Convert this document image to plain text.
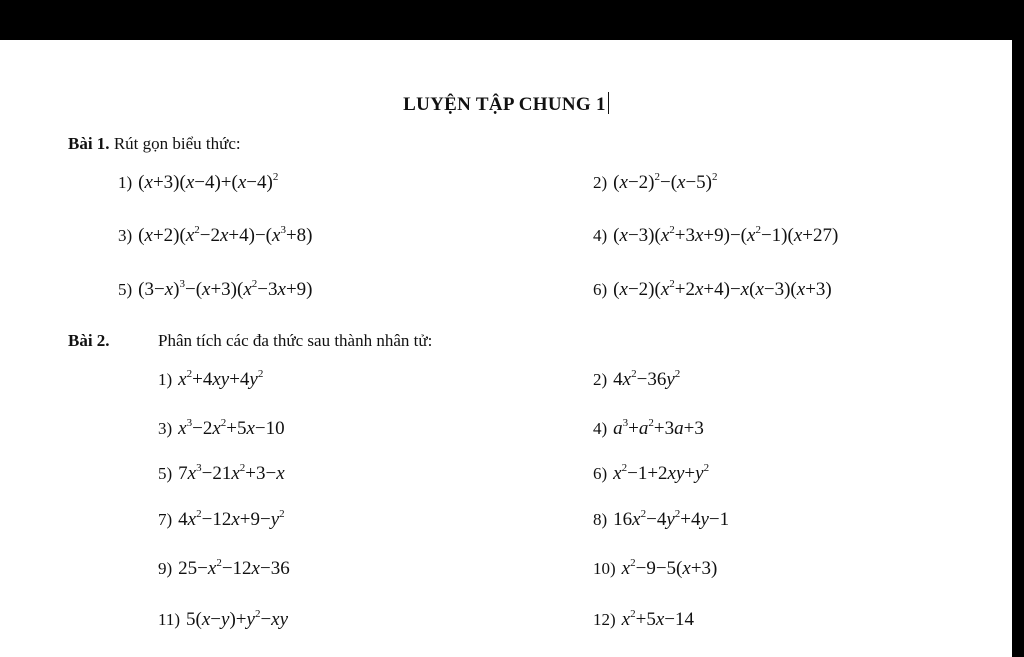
LUYỆN TẬP CHUNG 1
Bài 1. Rút gọn biểu thức:
1) $(x+3)(x-4)+(x-4)^2$	2) $(x-2)^2-(x-5)^2$
3) $(x+2)(x^2-2x+4)-(x^3+8)$	4) $(x-3)(x^2+3x+9)-(x^2-1)(x+27)$
5) $(3-x)^3-(x+3)(x^2-3x+9)$	6) $(x-2)(x^2+2x+4)-x(x-3)(x+3)$
Bài 2.	Phân tích các đa thức sau thành nhân tử:
1) $x^2+4xy+4y^2$	2) $4x^2-36y^2$
3) $x^3-2x^2+5x-10$	4) $a^3+a^2+3a+3$
5) $7x^3-21x^2+3-x$	6) $x^2-1+2xy+y^2$
7) $4x^2-12x+9-y^2$	8) $16x^2-4y^2+4y-1$
9) $25-x^2-12x-36$	10) $x^2-9-5(x+3)$
11) $5(x-y)+y^2-xy$	12) $x^2+5x-14$
